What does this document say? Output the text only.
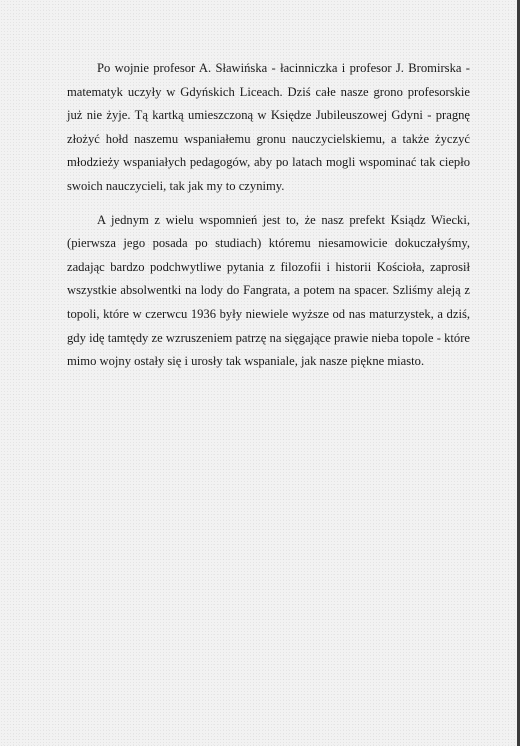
Po wojnie profesor A. Sławińska - łacinniczka i profesor J. Bromirska - matematyk uczyły w Gdyńskich Liceach. Dziś całe nasze grono profesorskie już nie żyje. Tą kartką umieszczoną w Księdze Jubileuszowej Gdyni - pragnę złożyć hołd naszemu wspaniałemu gronu nauczycielskiemu, a także życzyć młodzieży wspaniałych pedagogów, aby po latach mogli wspominać tak ciepło swoich nauczycieli, tak jak my to czynimy.

A jednym z wielu wspomnień jest to, że nasz prefekt Ksiądz Wiecki, (pierwsza jego posada po studiach) któremu niesamowicie dokuczałyśmy, zadając bardzo podchwytliwe pytania z filozofii i historii Kościoła, zaprosił wszystkie absolwentki na lody do Fangrata, a potem na spacer. Szliśmy aleją z topoli, które w czerwcu 1936 były niewiele wyższe od nas maturzystek, a dziś, gdy idę tamtędy ze wzruszeniem patrzę na sięgające prawie nieba topole - które mimo wojny ostały się i urosły tak wspaniale, jak nasze piękne miasto.
